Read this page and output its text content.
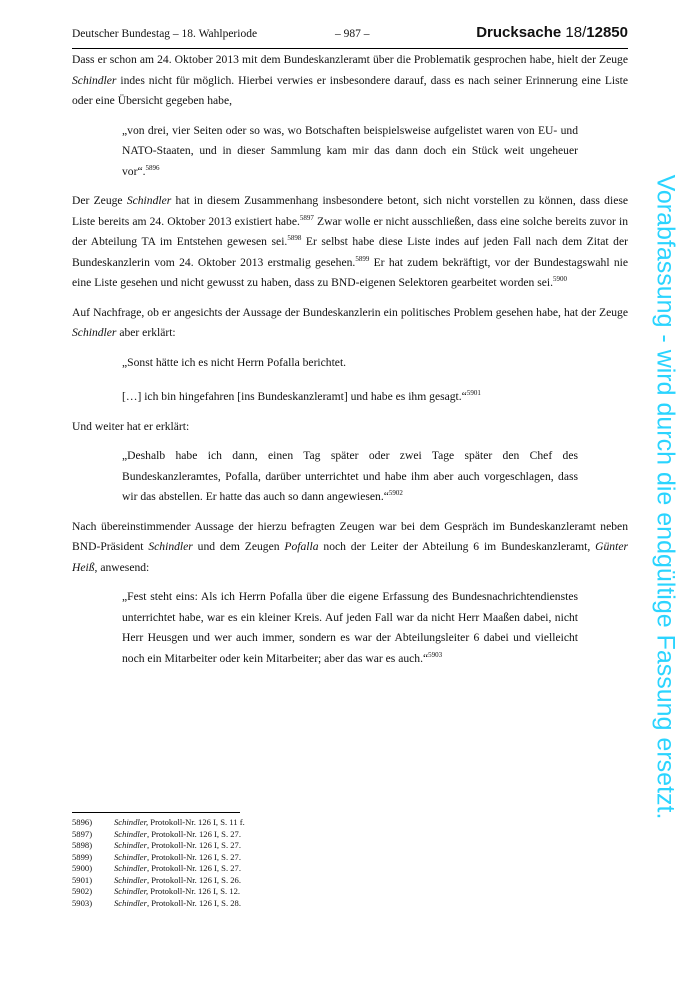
Deutscher Bundestag – 18. Wahlperiode	– 987 –	Drucksache 18/12850

Dass er schon am 24. Oktober 2013 mit dem Bundeskanzleramt über die Problematik gesprochen habe, hielt der Zeuge Schindler indes nicht für möglich. Hierbei verwies er insbesondere darauf, dass es nach seiner Erinnerung eine Liste oder eine Übersicht gegeben habe,

„von drei, vier Seiten oder so was, wo Botschaften beispielsweise aufgelistet waren von EU- und NATO-Staaten, und in dieser Sammlung kam mir das dann doch ein Stück weit ungeheuer vor“.$^{5896}$

Der Zeuge Schindler hat in diesem Zusammenhang insbesondere betont, sich nicht vorstellen zu können, dass diese Liste bereits am 24. Oktober 2013 existiert habe.$^{5897}$ Zwar wolle er nicht ausschließen, dass eine solche bereits zuvor in der Abteilung TA im Entstehen gewesen sei.$^{5898}$ Er selbst habe diese Liste indes auf jeden Fall nach dem Zitat der Bundeskanzlerin vom 24. Oktober 2013 erstmalig gesehen.$^{5899}$ Er hat zudem bekräftigt, vor der Bundestagswahl nie eine Liste gesehen und nicht gewusst zu haben, dass zu BND-eigenen Selektoren gearbeitet worden sei.$^{5900}$

Auf Nachfrage, ob er angesichts der Aussage der Bundeskanzlerin ein politisches Problem gesehen habe, hat der Zeuge Schindler aber erklärt:

„Sonst hätte ich es nicht Herrn Pofalla berichtet.

[…] ich bin hingefahren [ins Bundeskanzleramt] und habe es ihm gesagt.“$^{5901}$

Und weiter hat er erklärt:

„Deshalb habe ich dann, einen Tag später oder zwei Tage später den Chef des Bundeskanzleramtes, Pofalla, darüber unterrichtet und habe ihm aber auch vorgeschlagen, dass wir das abstellen. Er hatte das auch so dann angewiesen.“$^{5902}$

Nach übereinstimmender Aussage der hierzu befragten Zeugen war bei dem Gespräch im Bundeskanzleramt neben BND-Präsident Schindler und dem Zeugen Pofalla noch der Leiter der Abteilung 6 im Bundeskanzleramt, Günter Heiß, anwesend:

„Fest steht eins: Als ich Herrn Pofalla über die eigene Erfassung des Bundesnachrichtendienstes unterrichtet habe, war es ein kleiner Kreis. Auf jeden Fall war da nicht Herr Maaßen dabei, nicht Herr Heusgen und wer auch immer, sondern es war der Abteilungsleiter 6 dabei und vielleicht noch ein Mitarbeiter oder kein Mitarbeiter; aber das war es auch.“$^{5903}$	Vorabfassung - wird durch die endgültige Fassung ersetzt.
5896)	Schindler, Protokoll-Nr. 126 I, S. 11 f.
5897)	Schindler, Protokoll-Nr. 126 I, S. 27.
5898)	Schindler, Protokoll-Nr. 126 I, S. 27.
5899)	Schindler, Protokoll-Nr. 126 I, S. 27.
5900)	Schindler, Protokoll-Nr. 126 I, S. 27.
5901)	Schindler, Protokoll-Nr. 126 I, S. 26.
5902)	Schindler, Protokoll-Nr. 126 I, S. 12.
5903)	Schindler, Protokoll-Nr. 126 I, S. 28.
